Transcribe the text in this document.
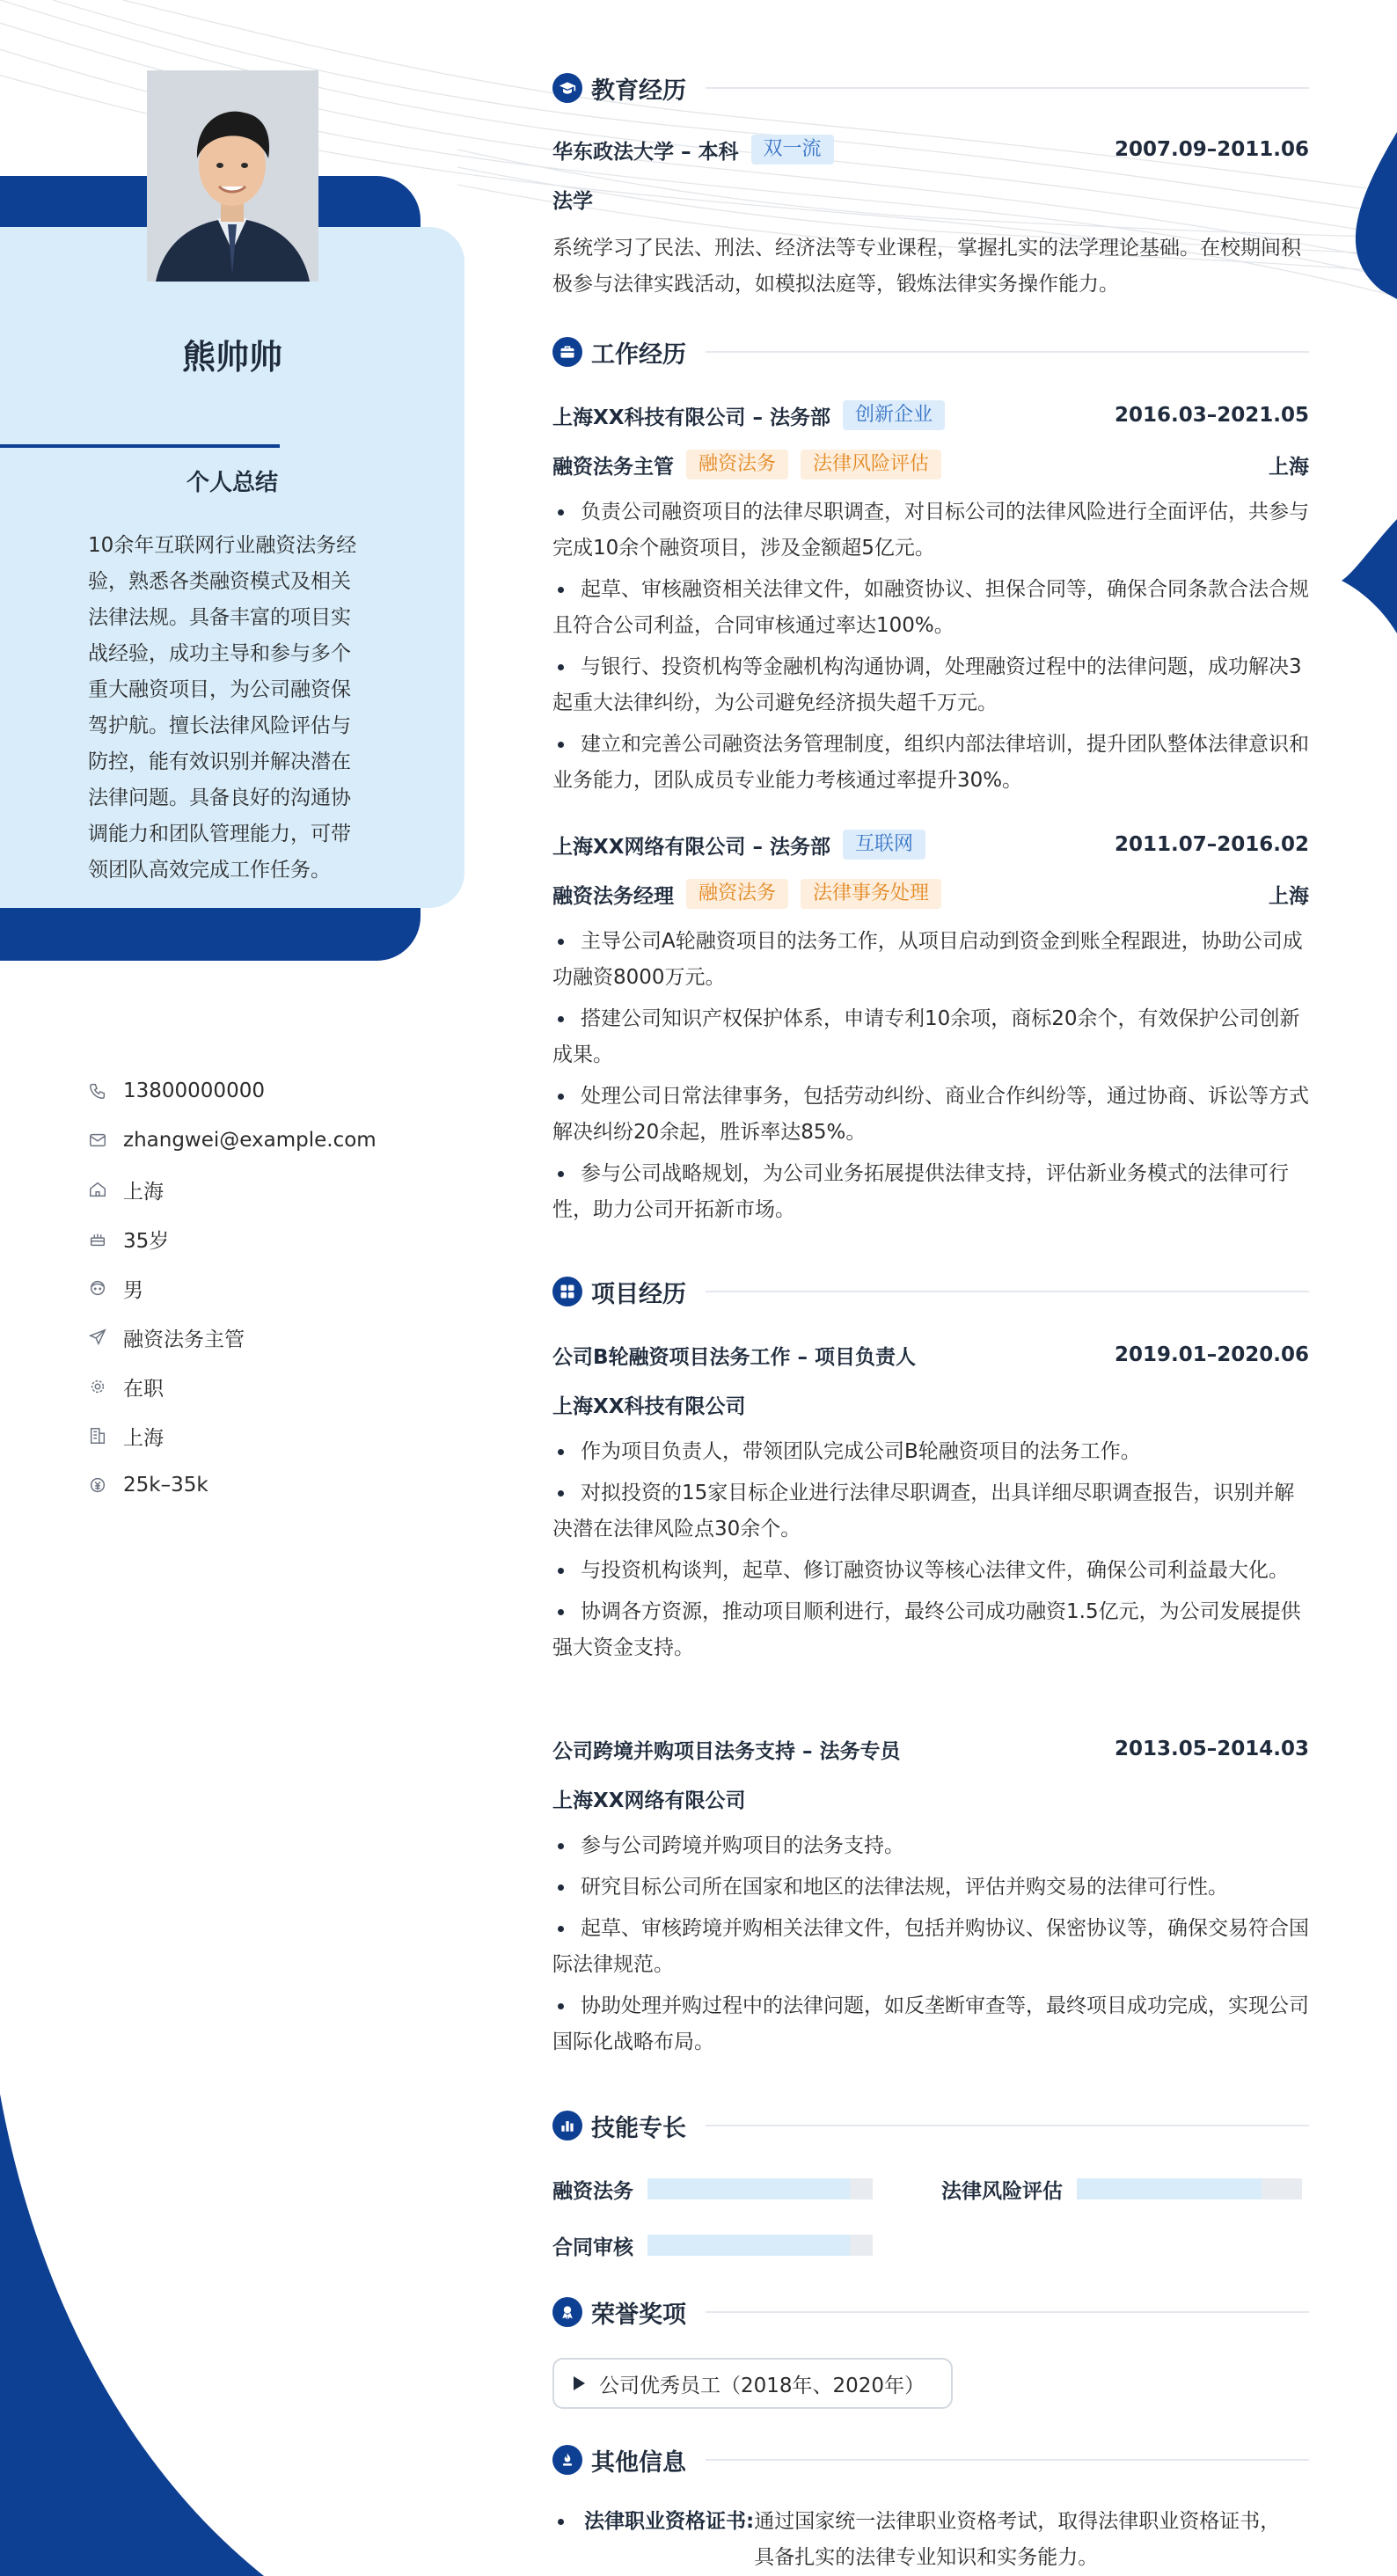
熊帅帅
个人总结
10余年互联网行业融资法务经验，熟悉各类融资模式及相关法律法规。具备丰富的项目实战经验，成功主导和参与多个重大融资项目，为公司融资保驾护航。擅长法律风险评估与防控，能有效识别并解决潜在法律问题。具备良好的沟通协调能力和团队管理能力，可带领团队高效完成工作任务。
13800000000
zhangwei@example.com
上海
35岁
男
融资法务主管
在职
上海
25k–35k
教育经历
华东政法大学 – 本科	双一流	2007.09–2011.06
法学
系统学习了民法、刑法、经济法等专业课程，掌握扎实的法学理论基础。在校期间积极参与法律实践活动，如模拟法庭等，锻炼法律实务操作能力。
工作经历
上海XX科技有限公司 – 法务部	创新企业	2016.03–2021.05
融资法务主管	融资法务	法律风险评估	上海
负责公司融资项目的法律尽职调查，对目标公司的法律风险进行全面评估，共参与完成10余个融资项目，涉及金额超5亿元。
起草、审核融资相关法律文件，如融资协议、担保合同等，确保合同条款合法合规且符合公司利益，合同审核通过率达100%。
与银行、投资机构等金融机构沟通协调，处理融资过程中的法律问题，成功解决3起重大法律纠纷，为公司避免经济损失超千万元。
建立和完善公司融资法务管理制度，组织内部法律培训，提升团队整体法律意识和业务能力，团队成员专业能力考核通过率提升30%。
上海XX网络有限公司 – 法务部	互联网	2011.07–2016.02
融资法务经理	融资法务	法律事务处理	上海
主导公司A轮融资项目的法务工作，从项目启动到资金到账全程跟进，协助公司成功融资8000万元。
搭建公司知识产权保护体系，申请专利10余项，商标20余个，有效保护公司创新成果。
处理公司日常法律事务，包括劳动纠纷、商业合作纠纷等，通过协商、诉讼等方式解决纠纷20余起，胜诉率达85%。
参与公司战略规划，为公司业务拓展提供法律支持，评估新业务模式的法律可行性，助力公司开拓新市场。
项目经历
公司B轮融资项目法务工作 – 项目负责人	2019.01–2020.06
上海XX科技有限公司
作为项目负责人，带领团队完成公司B轮融资项目的法务工作。
对拟投资的15家目标企业进行法律尽职调查，出具详细尽职调查报告，识别并解决潜在法律风险点30余个。
与投资机构谈判，起草、修订融资协议等核心法律文件，确保公司利益最大化。
协调各方资源，推动项目顺利进行，最终公司成功融资1.5亿元，为公司发展提供强大资金支持。
公司跨境并购项目法务支持 – 法务专员	2013.05–2014.03
上海XX网络有限公司
参与公司跨境并购项目的法务支持。
研究目标公司所在国家和地区的法律法规，评估并购交易的法律可行性。
起草、审核跨境并购相关法律文件，包括并购协议、保密协议等，确保交易符合国际法律规范。
协助处理并购过程中的法律问题，如反垄断审查等，最终项目成功完成，实现公司国际化战略布局。
技能专长
融资法务	法律风险评估
合同审核
荣誉奖项
公司优秀员工（2018年、2020年）
其他信息
法律职业资格证书: 通过国家统一法律职业资格考试，取得法律职业资格证书，具备扎实的法律专业知识和实务能力。
